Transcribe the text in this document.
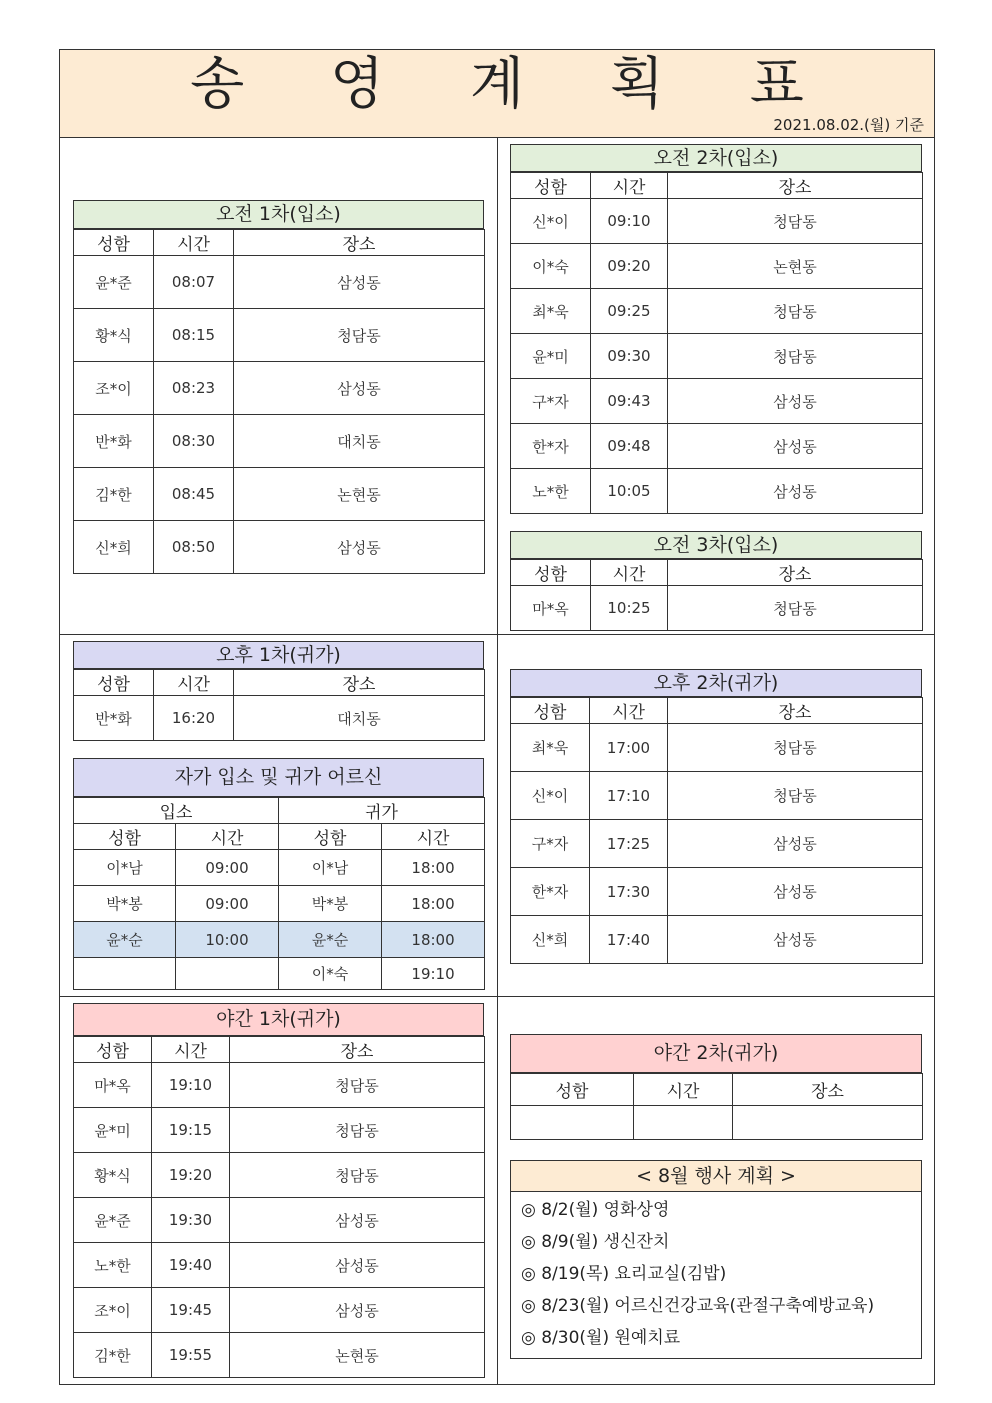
송 영 계 획 표
2021.08.02.(월) 기준
오전 1차(입소)
성함	시간	장소
윤*준	08:07	삼성동
황*식	08:15	청담동
조*이	08:23	삼성동
반*화	08:30	대치동
김*한	08:45	논현동
신*희	08:50	삼성동
오전 2차(입소)
성함	시간	장소
신*이	09:10	청담동
이*숙	09:20	논현동
최*욱	09:25	청담동
윤*미	09:30	청담동
구*자	09:43	삼성동
한*자	09:48	삼성동
노*한	10:05	삼성동
오전 3차(입소)
성함	시간	장소
마*옥	10:25	청담동
오후 1차(귀가)
성함	시간	장소
반*화	16:20	대치동
자가 입소 및 귀가 어르신
입소		귀가	
성함	시간	성함	시간
이*남	09:00	이*남	18:00
박*봉	09:00	박*봉	18:00
윤*순	10:00	윤*순	18:00
		이*숙	19:10
오후 2차(귀가)
성함	시간	장소
최*욱	17:00	청담동
신*이	17:10	청담동
구*자	17:25	삼성동
한*자	17:30	삼성동
신*희	17:40	삼성동
야간 1차(귀가)
성함	시간	장소
마*옥	19:10	청담동
윤*미	19:15	청담동
황*식	19:20	청담동
윤*준	19:30	삼성동
노*한	19:40	삼성동
조*이	19:45	삼성동
김*한	19:55	논현동
야간 2차(귀가)
성함	시간	장소

< 8월 행사 계획 >
◎ 8/2(월) 영화상영
◎ 8/9(월) 생신잔치
◎ 8/19(목) 요리교실(김밥)
◎ 8/23(월) 어르신건강교육(관절구축예방교육)
◎ 8/30(월) 원예치료
